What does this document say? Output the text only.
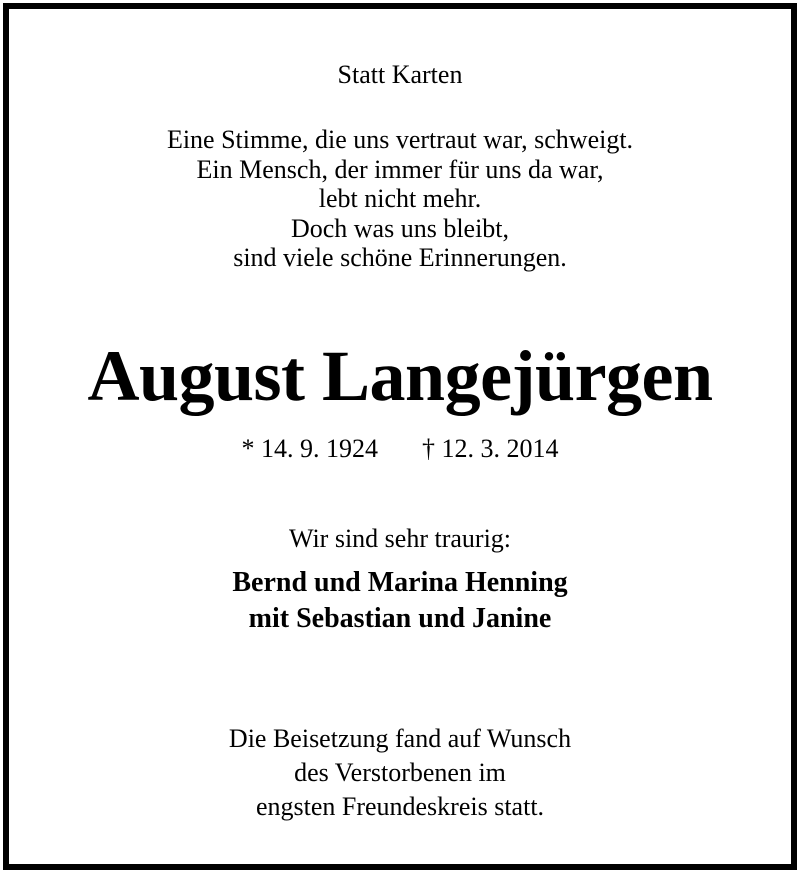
Statt Karten
Eine Stimme, die uns vertraut war, schweigt.
Ein Mensch, der immer für uns da war,
lebt nicht mehr.
Doch was uns bleibt,
sind viele schöne Erinnerungen.
August Langejürgen
* 14. 9. 1924 † 12. 3. 2014
Wir sind sehr traurig:
Bernd und Marina Henning
mit Sebastian und Janine
Die Beisetzung fand auf Wunsch
des Verstorbenen im
engsten Freundeskreis statt.
